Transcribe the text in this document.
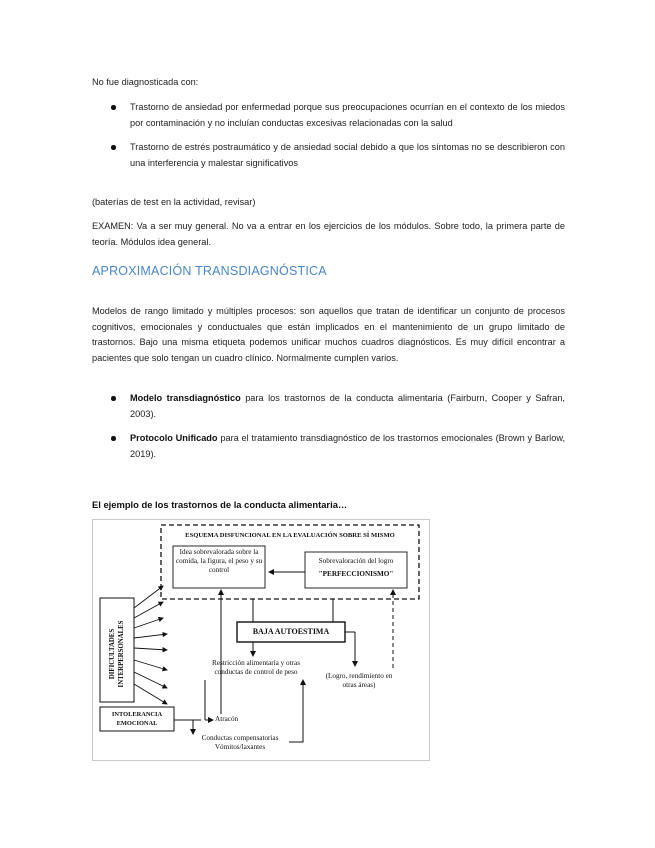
No fue diagnosticada con:
Trastorno de ansiedad por enfermedad porque sus preocupaciones ocurrían en el contexto de los miedos por contaminación y no incluían conductas excesivas relacionadas con la salud
Trastorno de estrés postraumático y de ansiedad social debido a que los síntomas no se describieron con una interferencia y malestar significativos
(baterías de test en la actividad, revisar)
EXAMEN: Va a ser muy general. No va a entrar en los ejercicios de los módulos. Sobre todo, la primera parte de teoría. Módulos idea general.
APROXIMACIÓN TRANSDIAGNÓSTICA
Modelos de rango limitado y múltiples procesos: son aquellos que tratan de identificar un conjunto de procesos cognitivos, emocionales y conductuales que están implicados en el mantenimiento de un grupo limitado de trastornos. Bajo una misma etiqueta podemos unificar muchos cuadros diagnósticos. Es muy difícil encontrar a pacientes que solo tengan un cuadro clínico. Normalmente cumplen varios.
Modelo transdiagnóstico para los trastornos de la conducta alimentaria (Fairburn, Cooper y Safran, 2003).
Protocolo Unificado para el tratamiento transdiagnóstico de los trastornos emocionales (Brown y Barlow, 2019).
El ejemplo de los trastornos de la conducta alimentaria…
ESQUEMA DISFUNCIONAL EN LA EVALUACIÓN SOBRE SÍ MISMO
Idea sobrevalorada sobre la comida, la figura, el peso y su control
Sobrevaloración del logro
"PERFECCIONISMO"
BAJA AUTOESTIMA
DIFICULTADES INTERPERSONALES
INTOLERANCIA EMOCIONAL
Restricción alimentaria y otras conductas de control de peso	(Logro, rendimiento en otras áreas)
Atracón
Conductas compensatorias
Vómitos/laxantes
